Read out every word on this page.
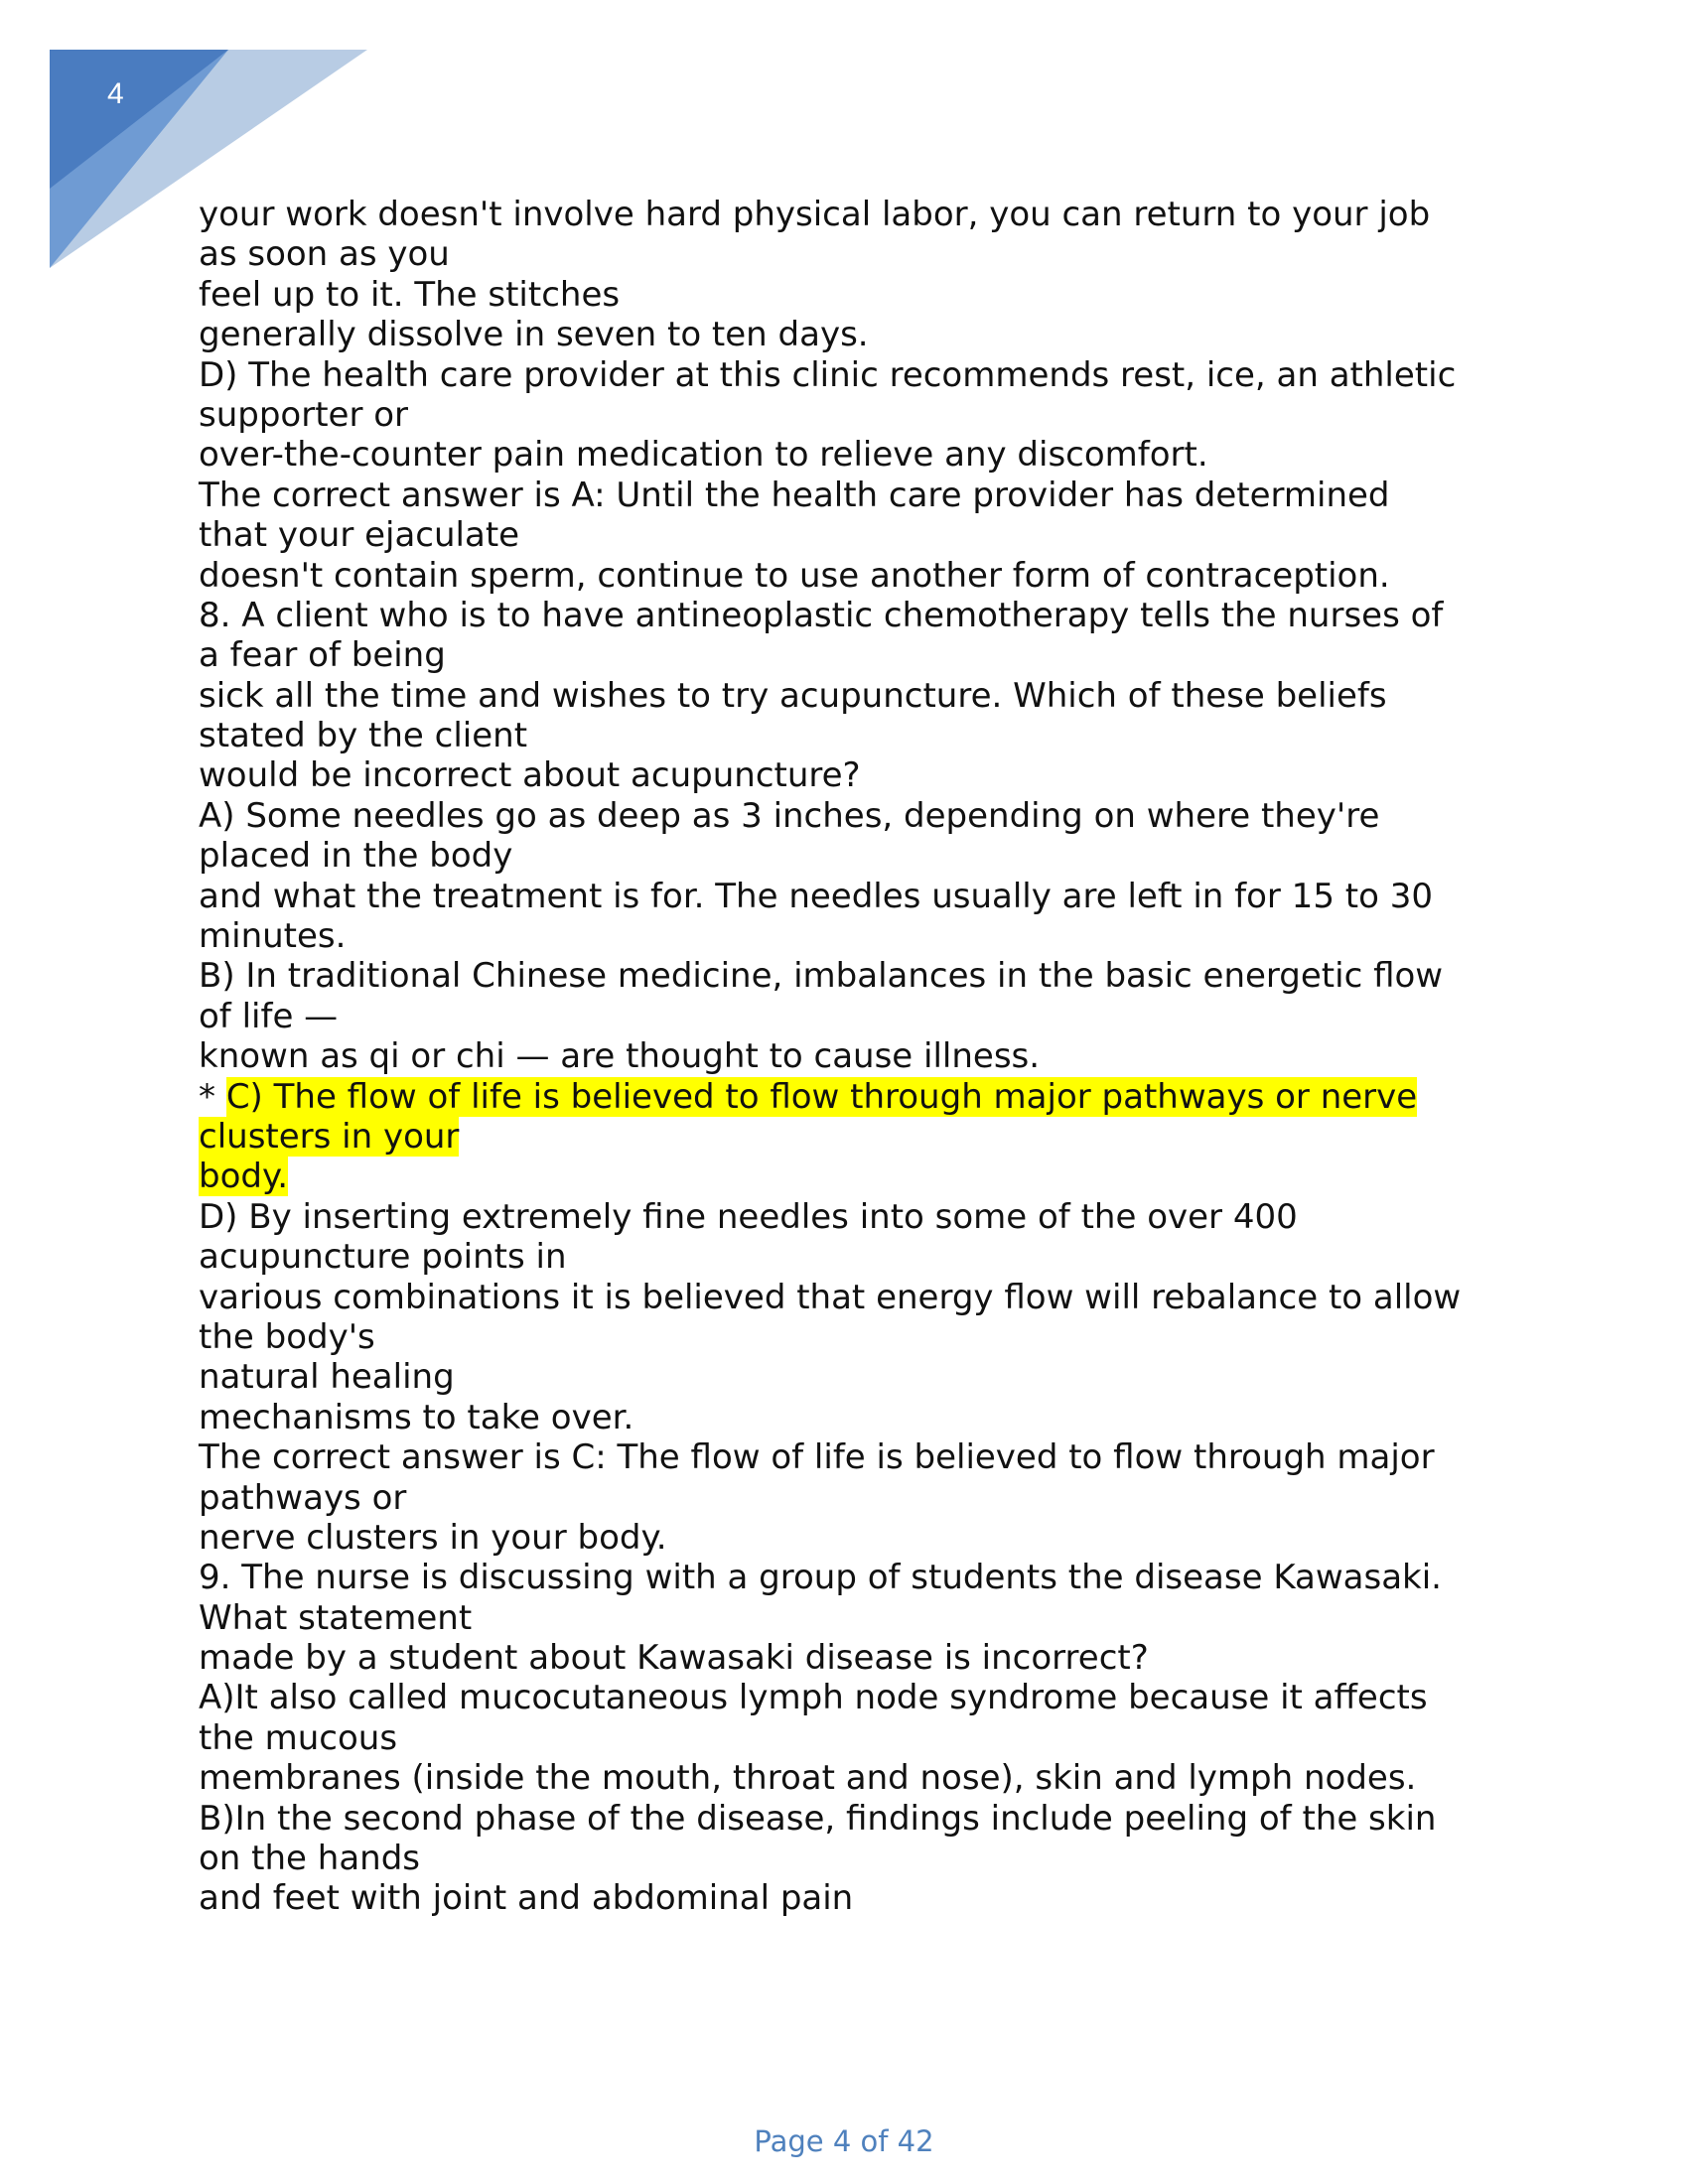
4
your work doesn't involve hard physical labor, you can return to your job
as soon as you
feel up to it. The stitches
generally dissolve in seven to ten days.
D) The health care provider at this clinic recommends rest, ice, an athletic
supporter or
over-the-counter pain medication to relieve any discomfort.
The correct answer is A: Until the health care provider has determined
that your ejaculate
doesn't contain sperm, continue to use another form of contraception.
8. A client who is to have antineoplastic chemotherapy tells the nurses of
a fear of being
sick all the time and wishes to try acupuncture. Which of these beliefs
stated by the client
would be incorrect about acupuncture?
A) Some needles go as deep as 3 inches, depending on where they're
placed in the body
and what the treatment is for. The needles usually are left in for 15 to 30
minutes.
B) In traditional Chinese medicine, imbalances in the basic energetic flow
of life —
known as qi or chi — are thought to cause illness.
* C) The flow of life is believed to flow through major pathways or nerve
clusters in your
body.
D) By inserting extremely fine needles into some of the over 400
acupuncture points in
various combinations it is believed that energy flow will rebalance to allow
the body's
natural healing
mechanisms to take over.
The correct answer is C: The flow of life is believed to flow through major
pathways or
nerve clusters in your body.
9. The nurse is discussing with a group of students the disease Kawasaki.
What statement
made by a student about Kawasaki disease is incorrect?
A)It also called mucocutaneous lymph node syndrome because it affects
the mucous
membranes (inside the mouth, throat and nose), skin and lymph nodes.
B)In the second phase of the disease, findings include peeling of the skin
on the hands
and feet with joint and abdominal pain
Page 4 of 42
